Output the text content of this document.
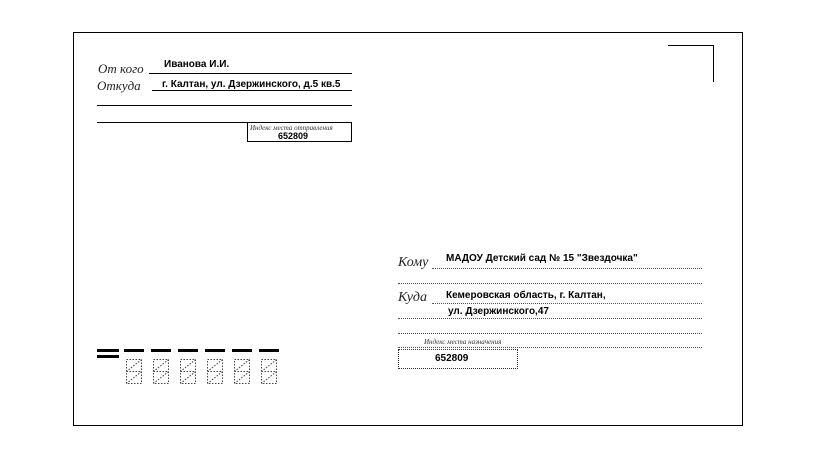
От кого Иванова И.И.
Откуда г. Калтан, ул. Дзержинского, д.5 кв.5
Индекс места отправления
652809
Кому МАДОУ Детский сад № 15 "Звездочка"
Куда Кемеровская область, г. Калтан,
ул. Дзержинского,47
Индекс места назначения
652809
